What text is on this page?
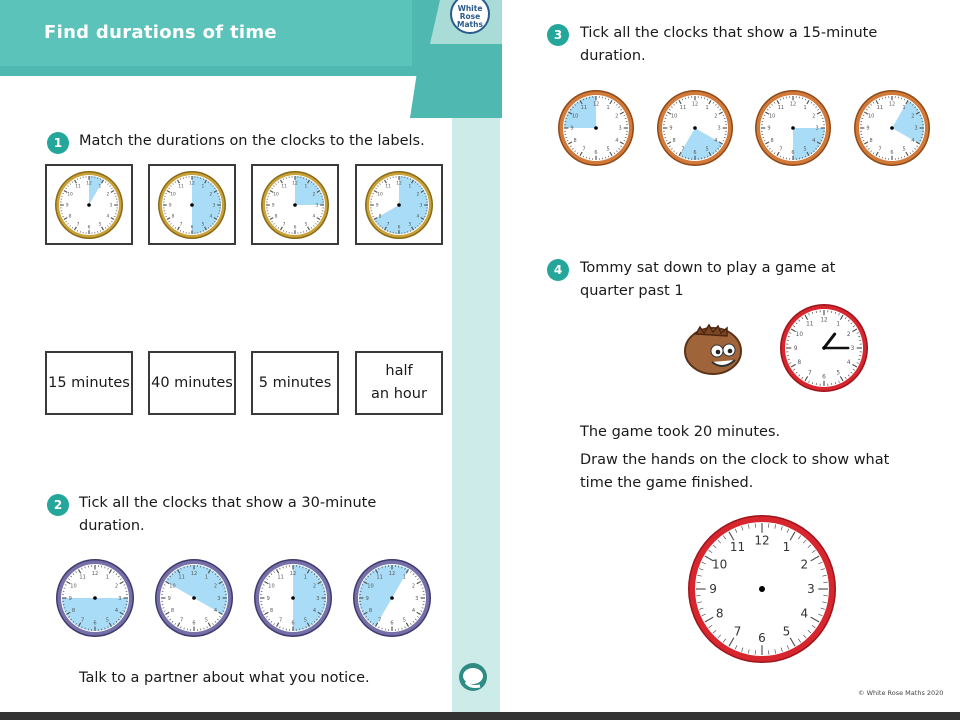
Find durations of time
White
Rose
Maths
1	Match the durations on the clocks to the labels.
12
1
2
3
4
5
6
7
8
9
10
11
12
1
2
3
4
5
6
7
8
9
10
11
12
1
2
3
4
5
6
7
8
9
10
11
12
1
2
3
4
5
6
7
8
9
10
11
15 minutes 40 minutes	5 minutes
half
an hour
2	Tick all the clocks that show a 30-minute
duration.
12
1
2
3
4
5
6
7
8
9
10
11
12
1
2
3
4
5
6
7
8
9
10
11
12
1
2
3
4
5
6
7
8
9
10
11
12
1
2
3
4
5
6
7
8
9
10
11
Talk to a partner about what you notice.
3	Tick all the clocks that show a 15-minute
duration.
12
1
2
3
4
5
6
7
8
9
10
11
12
1
2
3
4
5
6
7
8
9
10
11
12
1
2
3
4
5
6
7
8
9
10
11
12
1
2
3
4
5
6
7
8
9
10
11
4	Tommy sat down to play a game at
quarter past 1
12
1
2
3
4
5
6
7
8
9
10
11
The game took 20 minutes.
Draw the hands on the clock to show what
time the game finished.
12 1
2
3
4
5
6
7
8
9
10
11
© White Rose Maths 2020
